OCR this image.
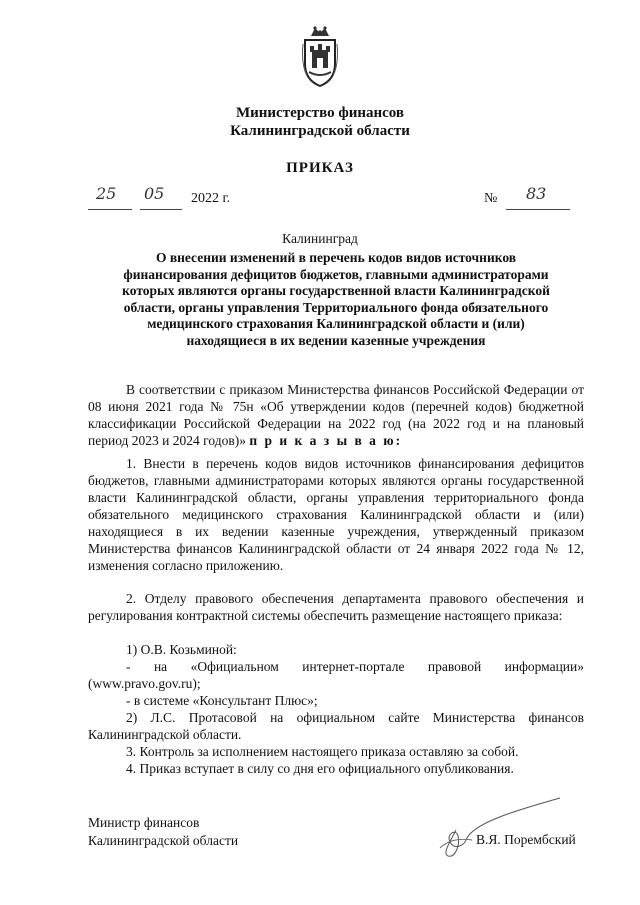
Министерство финансов
Калининградской области
ПРИКАЗ
25 05 2022 г.	№ 83
Калининград
О внесении изменений в перечень кодов видов источников
финансирования дефицитов бюджетов, главными администраторами
которых являются органы государственной власти Калининградской
области, органы управления Территориального фонда обязательного
медицинского страхования Калининградской области и (или)
находящиеся в их ведении казенные учреждения

В соответствии с приказом Министерства финансов Российской Федерации от 08 июня 2021 года № 75н «Об утверждении кодов (перечней кодов) бюджетной классификации Российской Федерации на 2022 год (на 2022 год и на плановый период 2023 и 2024 годов)» п р и к а з ы в а ю:

1. Внести в перечень кодов видов источников финансирования дефицитов бюджетов, главными администраторами которых являются органы государственной власти Калининградской области, органы управления территориального фонда обязательного медицинского страхования Калининградской области и (или) находящиеся в их ведении казенные учреждения, утвержденный приказом Министерства финансов Калининградской области от 24 января 2022 года № 12, изменения согласно приложению.

2. Отделу правового обеспечения департамента правового обеспечения и регулирования контрактной системы обеспечить размещение настоящего приказа:

1) О.В. Козьминой:

- на «Официальном интернет-портале правовой информации» (www.pravo.gov.ru);

- в системе «Консультант Плюс»;

2) Л.С. Протасовой на официальном сайте Министерства финансов Калининградской области.

3. Контроль за исполнением настоящего приказа оставляю за собой.

4. Приказ вступает в силу со дня его официального опубликования.

Министр финансов
Калининградской области	В.Я. Порембский
